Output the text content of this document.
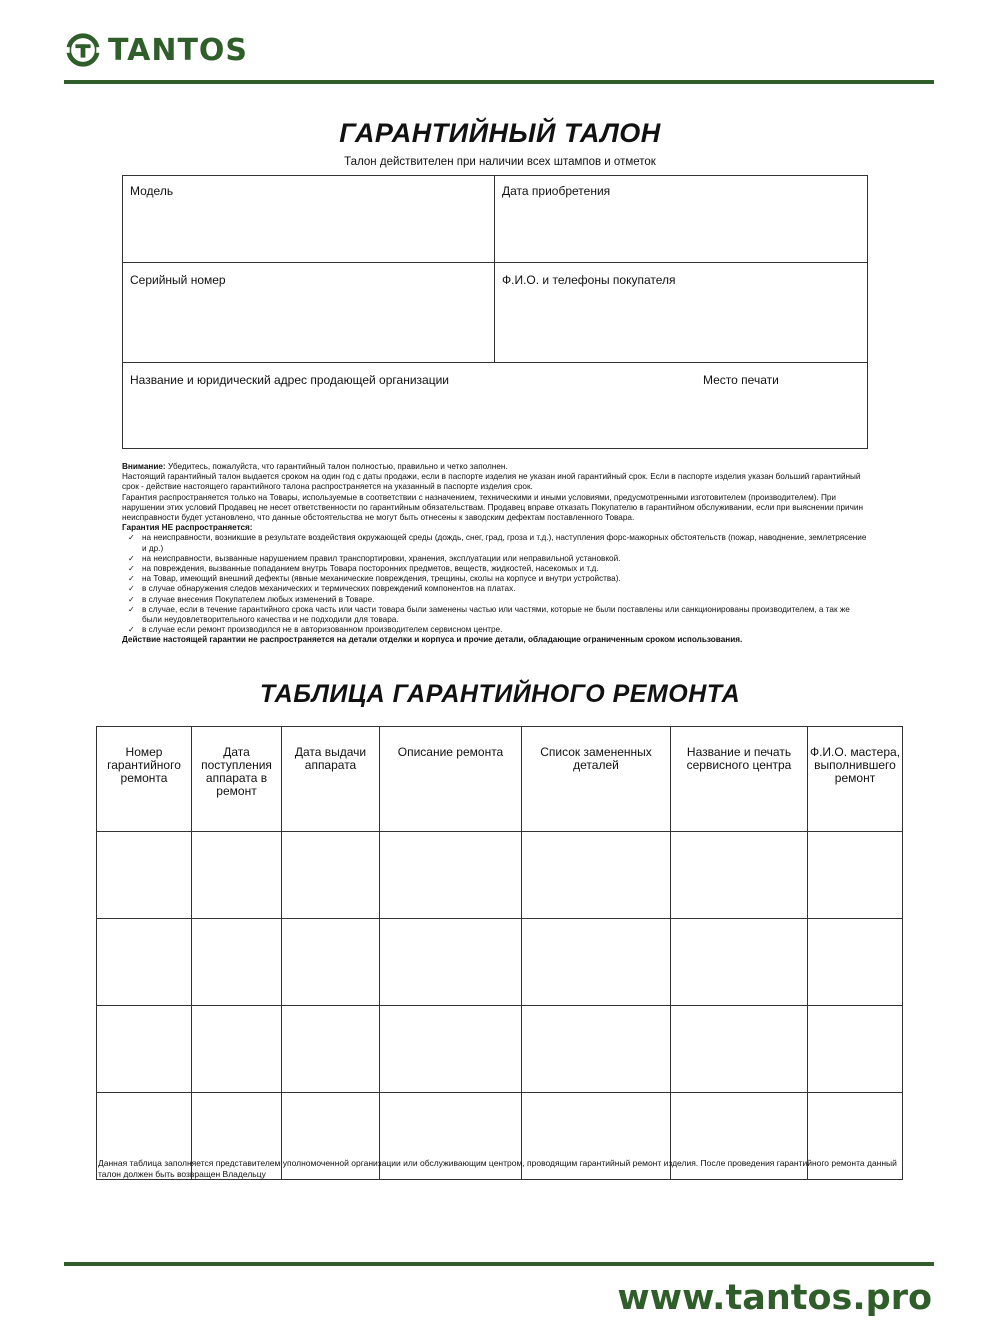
TANTOS
ГАРАНТИЙНЫЙ ТАЛОН
Талон действителен при наличии всех штампов и отметок
Модель	Дата приобретения
Серийный номер	Ф.И.О. и телефоны покупателя
Название и юридический адрес продающей организации	Место печати

Внимание: Убедитесь, пожалуйста, что гарантийный талон полностью, правильно и четко заполнен.

Настоящий гарантийный талон выдается сроком на один год с даты продажи, если в паспорте изделия не указан иной гарантийный срок. Если в паспорте изделия указан больший гарантийный срок - действие настоящего гарантийного талона распространяется на указанный в паспорте изделия срок.

Гарантия распространяется только на Товары, используемые в соответствии с назначением, техническими и иными условиями, предусмотренными изготовителем (производителем). При нарушении этих условий Продавец не несет ответственности по гарантийным обязательствам. Продавец вправе отказать Покупателю в гарантийном обслуживании, если при выяснении причин неисправности будет установлено, что данные обстоятельства не могут быть отнесены к заводским дефектам поставленного Товара.

Гарантия НЕ распространяется:

✓ на неисправности, возникшие в результате воздействия окружающей среды (дождь, снег, град, гроза и т.д.), наступления форс-мажорных обстоятельств (пожар, наводнение, землетрясение и др.)

✓ на неисправности, вызванные нарушением правил транспортировки, хранения, эксплуатации или неправильной установкой.

✓ на повреждения, вызванные попаданием внутрь Товара посторонних предметов, веществ, жидкостей, насекомых и т.д.

✓ на Товар, имеющий внешний дефекты (явные механические повреждения, трещины, сколы на корпусе и внутри устройства).

✓ в случае обнаружения следов механических и термических повреждений компонентов на платах.

✓ в случае внесения Покупателем любых изменений в Товаре.

✓ в случае, если в течение гарантийного срока часть или части товара были заменены частью или частями, которые не были поставлены или санкционированы производителем, а так же были неудовлетворительного качества и не подходили для товара.

✓ в случае если ремонт производился не в авторизованном производителем сервисном центре.

Действие настоящей гарантии не распространяется на детали отделки и корпуса и прочие детали, обладающие ограниченным сроком использования.

ТАБЛИЦА ГАРАНТИЙНОГО РЕМОНТА
Номер гарантийного ремонта	Дата поступления аппарата в ремонт	Дата выдачи аппарата	Описание ремонта	Список замененных деталей	Название и печать сервисного центра	Ф.И.О. мастера, выполнившего ремонт

Данная таблица заполняется представителем уполномоченной организации или обслуживающим центром, проводящим гарантийный ремонт изделия. После проведения гарантийного ремонта данный талон должен быть возвращен Владельцу
www.tantos.pro
